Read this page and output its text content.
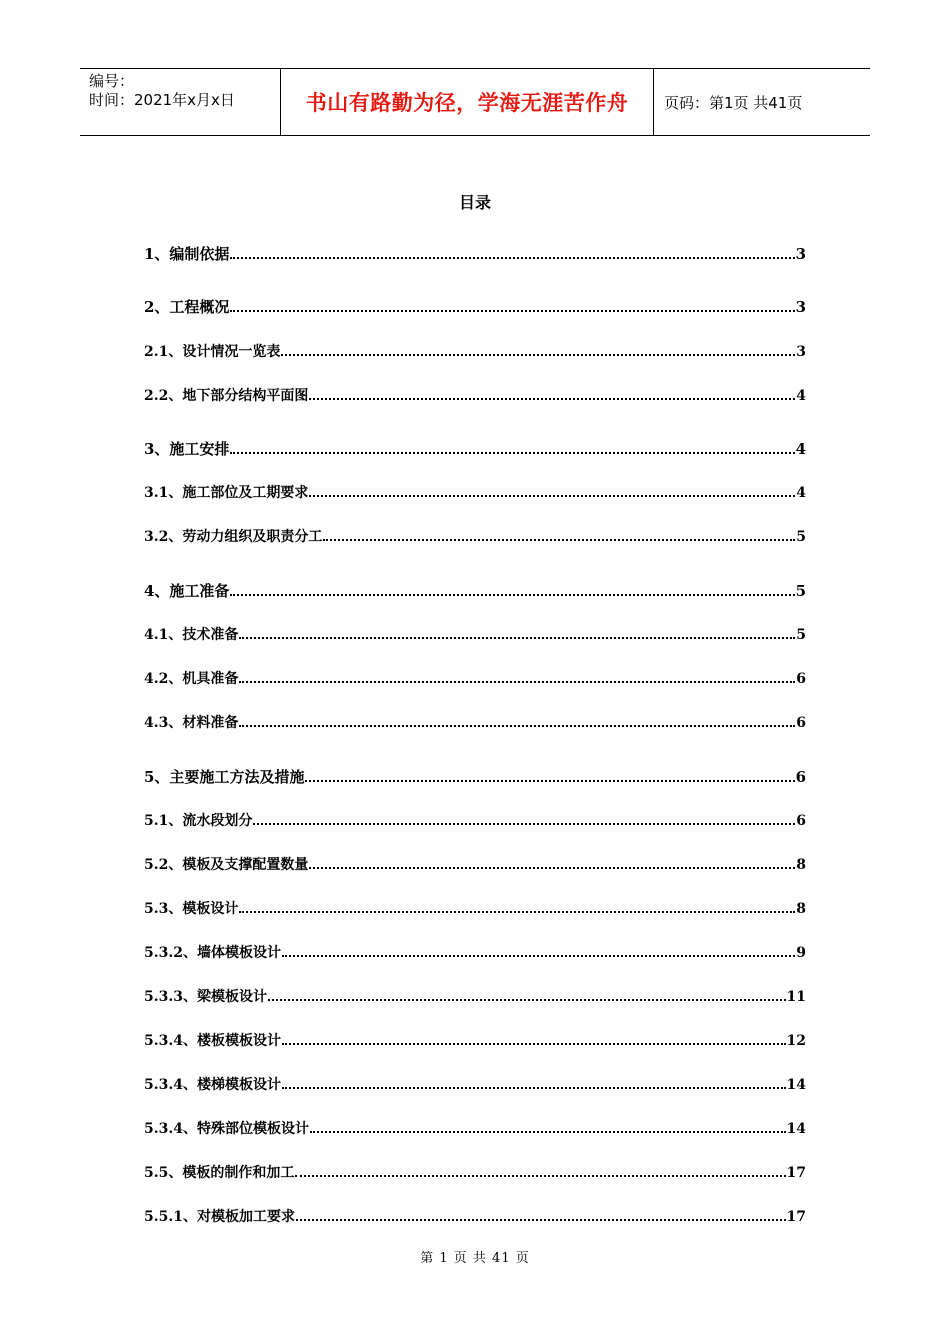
编号：
时间：2021年x月x日	书山有路勤为径，学海无涯苦作舟	页码：第1页 共41页
目录
1、编制依据	3
2、工程概况	3
2.1、设计情况一览表	3
2.2、地下部分结构平面图	4
3、施工安排	4
3.1、施工部位及工期要求	4
3.2、劳动力组织及职责分工	5
4、施工准备	5
4.1、技术准备	5
4.2、机具准备	6
4.3、材料准备	6
5、主要施工方法及措施	6
5.1、流水段划分	6
5.2、模板及支撑配置数量	8
5.3、模板设计	8
5.3.2、墙体模板设计	9
5.3.3、梁模板设计	11
5.3.4、楼板模板设计	12
5.3.4、楼梯模板设计	14
5.3.4、特殊部位模板设计	14
5.5、模板的制作和加工	17
5.5.1、对模板加工要求	17
第 1 页 共 41 页
